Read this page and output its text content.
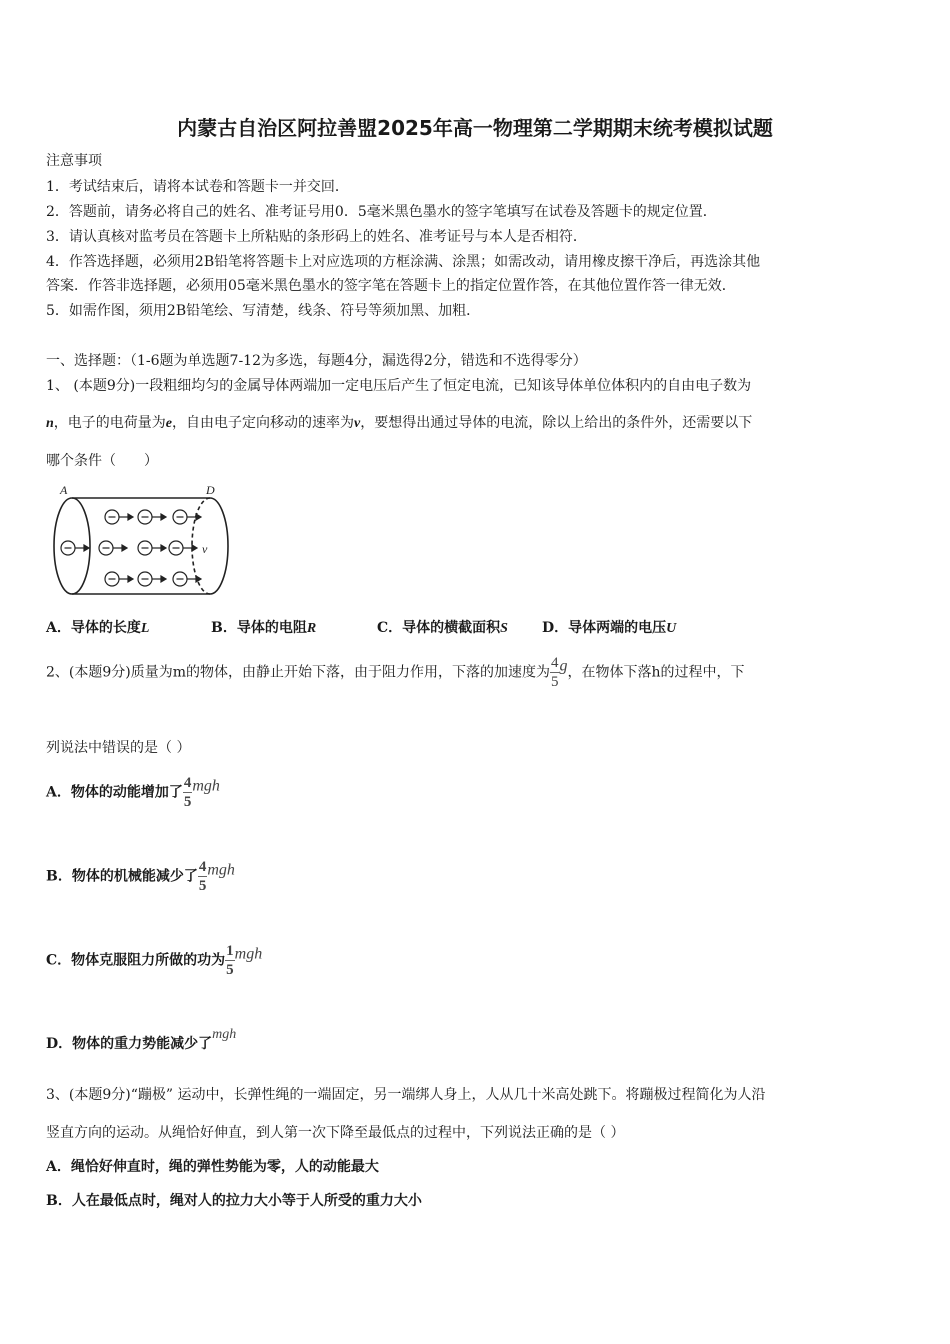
内蒙古自治区阿拉善盟2025年高一物理第二学期期末统考模拟试题
注意事项
1．考试结束后，请将本试卷和答题卡一并交回．
2．答题前，请务必将自己的姓名、准考证号用0．5毫米黑色墨水的签字笔填写在试卷及答题卡的规定位置．
3．请认真核对监考员在答题卡上所粘贴的条形码上的姓名、准考证号与本人是否相符．
4．作答选择题，必须用2B铅笔将答题卡上对应选项的方框涂满、涂黑；如需改动，请用橡皮擦干净后，再选涂其他
答案．作答非选择题，必须用05毫米黑色墨水的签字笔在答题卡上的指定位置作答，在其他位置作答一律无效．
5．如需作图，须用2B铅笔绘、写清楚，线条、符号等须加黑、加粗．
一、选择题：（1-6题为单选题7-12为多选，每题4分，漏选得2分，错选和不选得零分）
1、 (本题9分)一段粗细均匀的金属导体两端加一定电压后产生了恒定电流，已知该导体单位体积内的自由电子数为
n，电子的电荷量为e，自由电子定向移动的速率为v，要想得出通过导体的电流，除以上给出的条件外，还需要以下
哪个条件（　　）
A	D
v
A．导体的长度L	B．导体的电阻R	C．导体的横截面积S D．导体两端的电压U
2、(本题9分)质量为m的物体，由静止开始下落，由于阻力作用，下落的加速度为 $\frac{4}{5}$ g，在物体下落h的过程中，下
列说法中错误的是（ ）
A．物体的动能增加了 $\frac{4}{5}$ mgh
B．物体的机械能减少了 $\frac{4}{5}$ mgh
C．物体克服阻力所做的功为 $\frac{1}{5}$ mgh
D．物体的重力势能减少了mgh
3、(本题9分)“蹦极” 运动中，长弹性绳的一端固定，另一端绑人身上，人从几十米高处跳下。将蹦极过程简化为人沿
竖直方向的运动。从绳恰好伸直，到人第一次下降至最低点的过程中，下列说法正确的是（ ）
A．绳恰好伸直时，绳的弹性势能为零，人的动能最大
B．人在最低点时，绳对人的拉力大小等于人所受的重力大小
